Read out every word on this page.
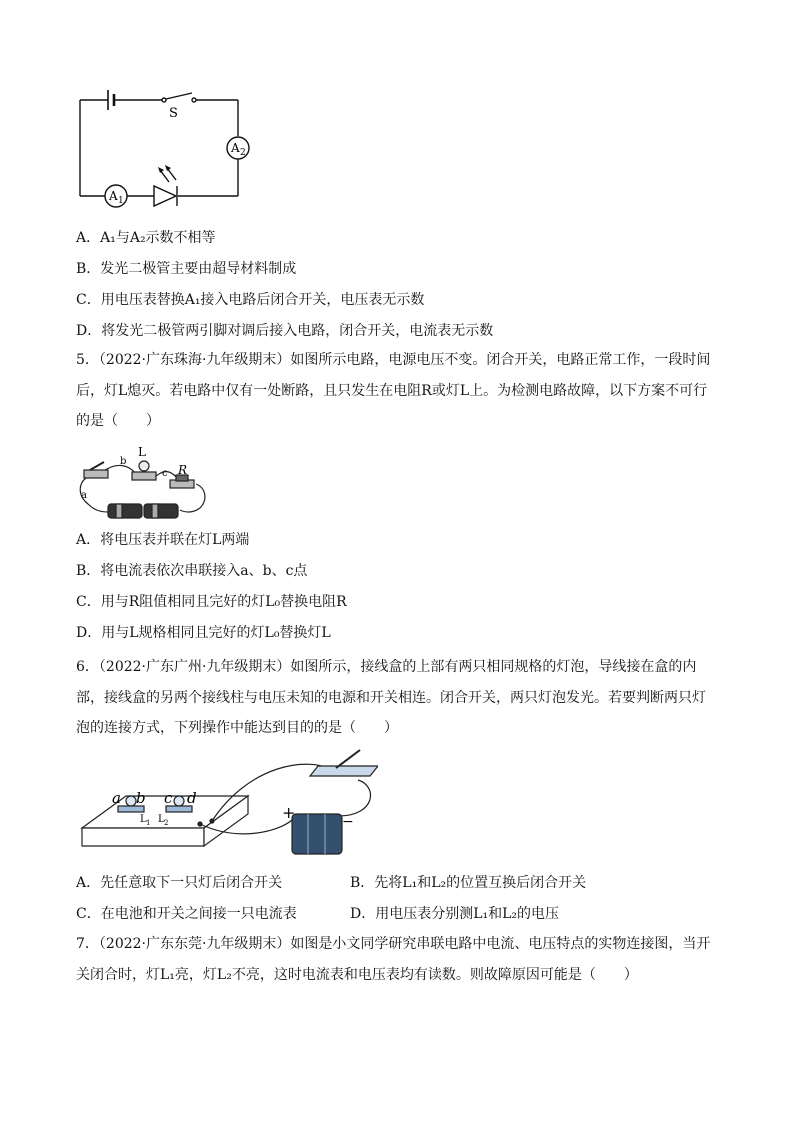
S
A 2
A 1
A．A₁与A₂示数不相等
B．发光二极管主要由超导材料制成
C．用电压表替换A₁接入电路后闭合开关，电压表无示数
D．将发光二极管两引脚对调后接入电路，闭合开关，电流表无示数
5．（2022·广东珠海·九年级期末）如图所示电路，电源电压不变。闭合开关，电路正常工作，一段时间后，灯L熄灭。若电路中仅有一处断路，且只发生在电阻R或灯L上。为检测电路故障，以下方案不可行的是（　　）
L
R
a
b
c
A．将电压表并联在灯L两端
B．将电流表依次串联接入a、b、c点
C．用与R阻值相同且完好的灯L₀替换电阻R
D．用与L规格相同且完好的灯L₀替换灯L
6．（2022·广东广州·九年级期末）如图所示，接线盒的上部有两只相同规格的灯泡，导线接在盒的内部，接线盒的另两个接线柱与电压未知的电源和开关相连。闭合开关，两只灯泡发光。若要判断两只灯泡的连接方式，下列操作中能达到目的的是（　　）
a b c d
L 1 L 2
+	−
A．先任意取下一只灯后闭合开关	B．先将L₁和L₂的位置互换后闭合开关
C．在电池和开关之间接一只电流表	D．用电压表分别测L₁和L₂的电压
7．（2022·广东东莞·九年级期末）如图是小文同学研究串联电路中电流、电压特点的实物连接图，当开关闭合时，灯L₁亮，灯L₂不亮，这时电流表和电压表均有读数。则故障原因可能是（　　）
